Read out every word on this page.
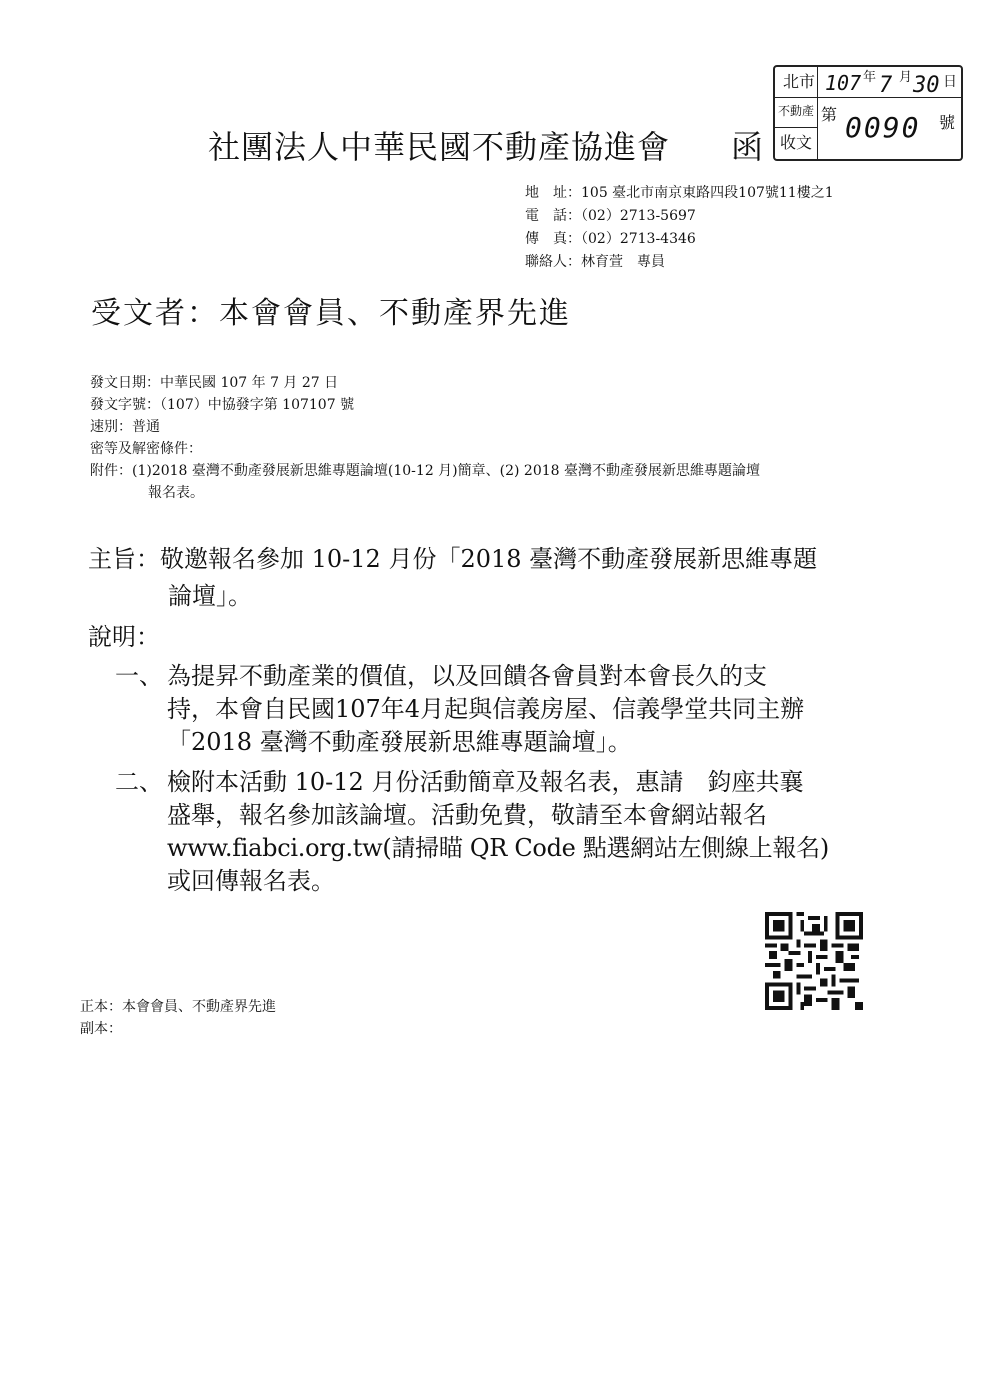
北市
不動產
收文
107 年 7 月 30 日
第 0090 號
社團法人中華民國不動產協進會 函
地　址：105 臺北市南京東路四段107號11樓之1
電　話：（02）2713-5697
傳　真：（02）2713-4346
聯絡人：林育萱　專員
受文者：本會會員、不動產界先進
發文日期：中華民國 107 年 7 月 27 日
發文字號：（107）中協發字第 107107 號
速別：普通
密等及解密條件：
附件：(1)2018 臺灣不動產發展新思維專題論壇(10-12 月)簡章、(2) 2018 臺灣不動產發展新思維專題論壇
報名表。
主旨：敬邀報名參加 10-12 月份「2018 臺灣不動產發展新思維專題
論壇」。
說明：
一、 為提昇不動產業的價值，以及回饋各會員對本會長久的支
持，本會自民國107年4月起與信義房屋、信義學堂共同主辦
「2018 臺灣不動產發展新思維專題論壇」。
二、 檢附本活動 10-12 月份活動簡章及報名表，惠請　鈞座共襄
盛舉，報名參加該論壇。活動免費，敬請至本會網站報名
www.fiabci.org.tw(請掃瞄 QR Code 點選網站左側線上報名)
或回傳報名表。
正本：本會會員、不動產界先進
副本：
